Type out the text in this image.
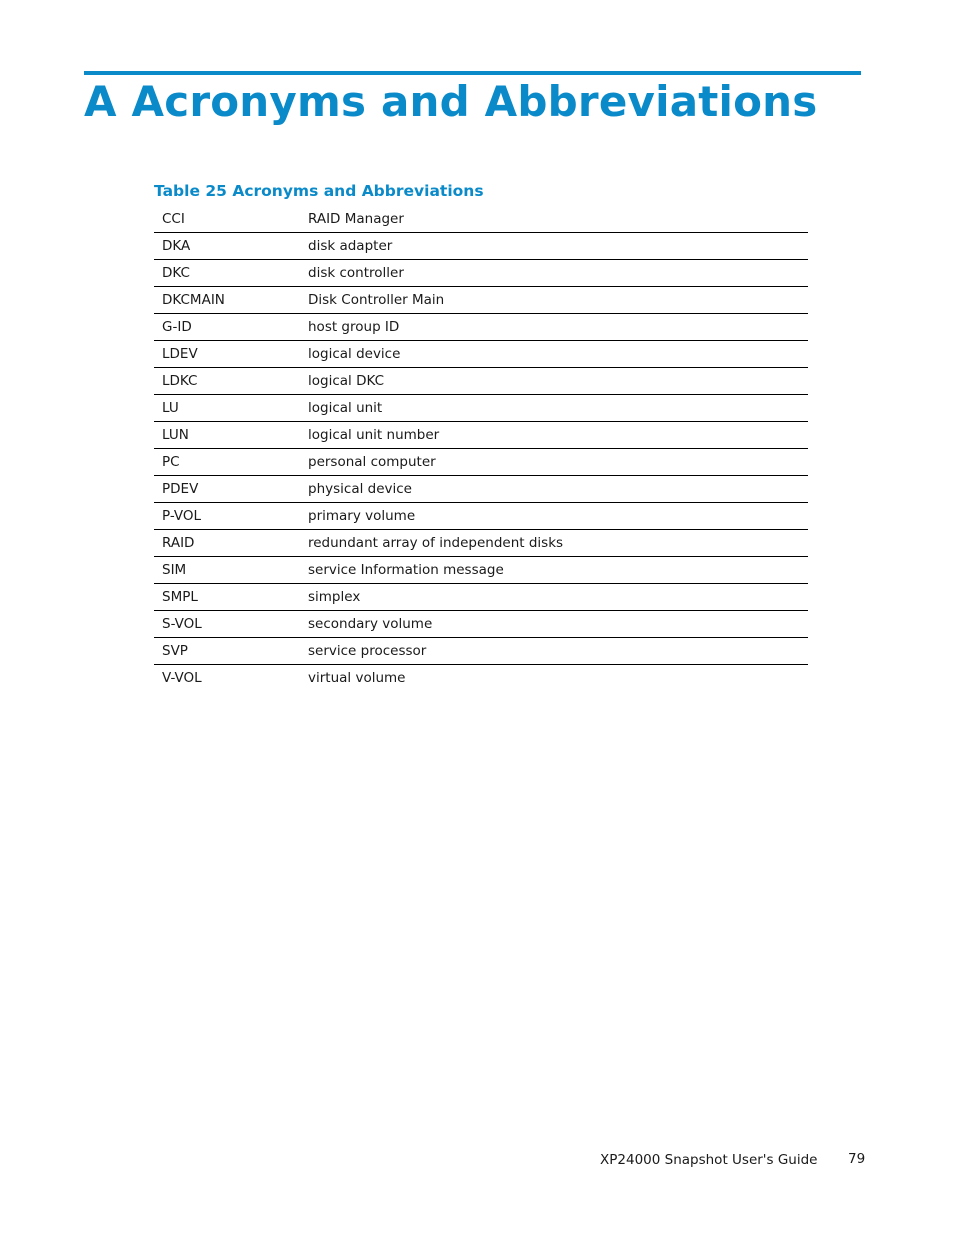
A Acronyms and Abbreviations
Table 25 Acronyms and Abbreviations
CCI	RAID Manager
DKA	disk adapter
DKC	disk controller
DKCMAIN	Disk Controller Main
G-ID	host group ID
LDEV	logical device
LDKC	logical DKC
LU	logical unit
LUN	logical unit number
PC	personal computer
PDEV	physical device
P-VOL	primary volume
RAID	redundant array of independent disks
SIM	service Information message
SMPL	simplex
S-VOL	secondary volume
SVP	service processor
V-VOL	virtual volume
XP24000 Snapshot User's Guide 79
